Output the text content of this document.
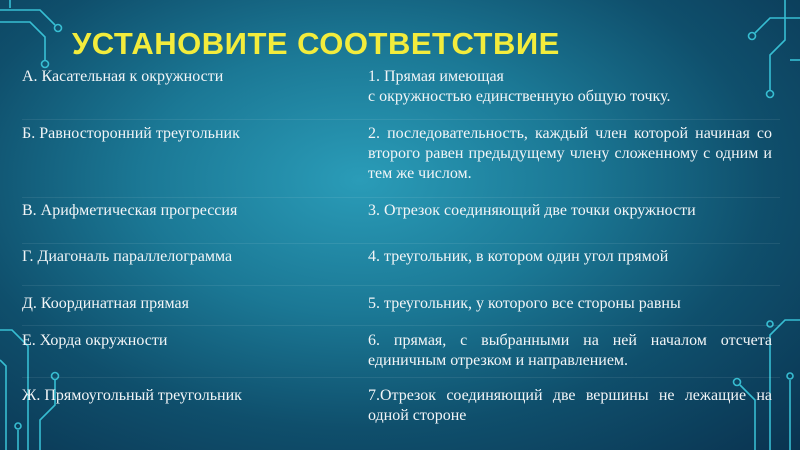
УСТАНОВИТЕ СООТВЕТСТВИЕ
А. Касательная к окружности	1. Прямая имеющая
с окружностью единственную общую точку.
Б. Равносторонний треугольник	2. последовательность, каждый член которой начиная со второго равен предыдущему члену сложенному с одним и тем же числом.
В. Арифметическая прогрессия	3. Отрезок соединяющий две точки окружности
Г. Диагональ параллелограмма	4. треугольник, в котором один угол прямой
Д. Координатная прямая	5. треугольник, у которого все стороны равны
Е. Хорда окружности	6. прямая, с выбранными на ней началом отсчета единичным отрезком и направлением.
Ж. Прямоугольный треугольник	7.Отрезок соединяющий две вершины не лежащие на одной стороне
